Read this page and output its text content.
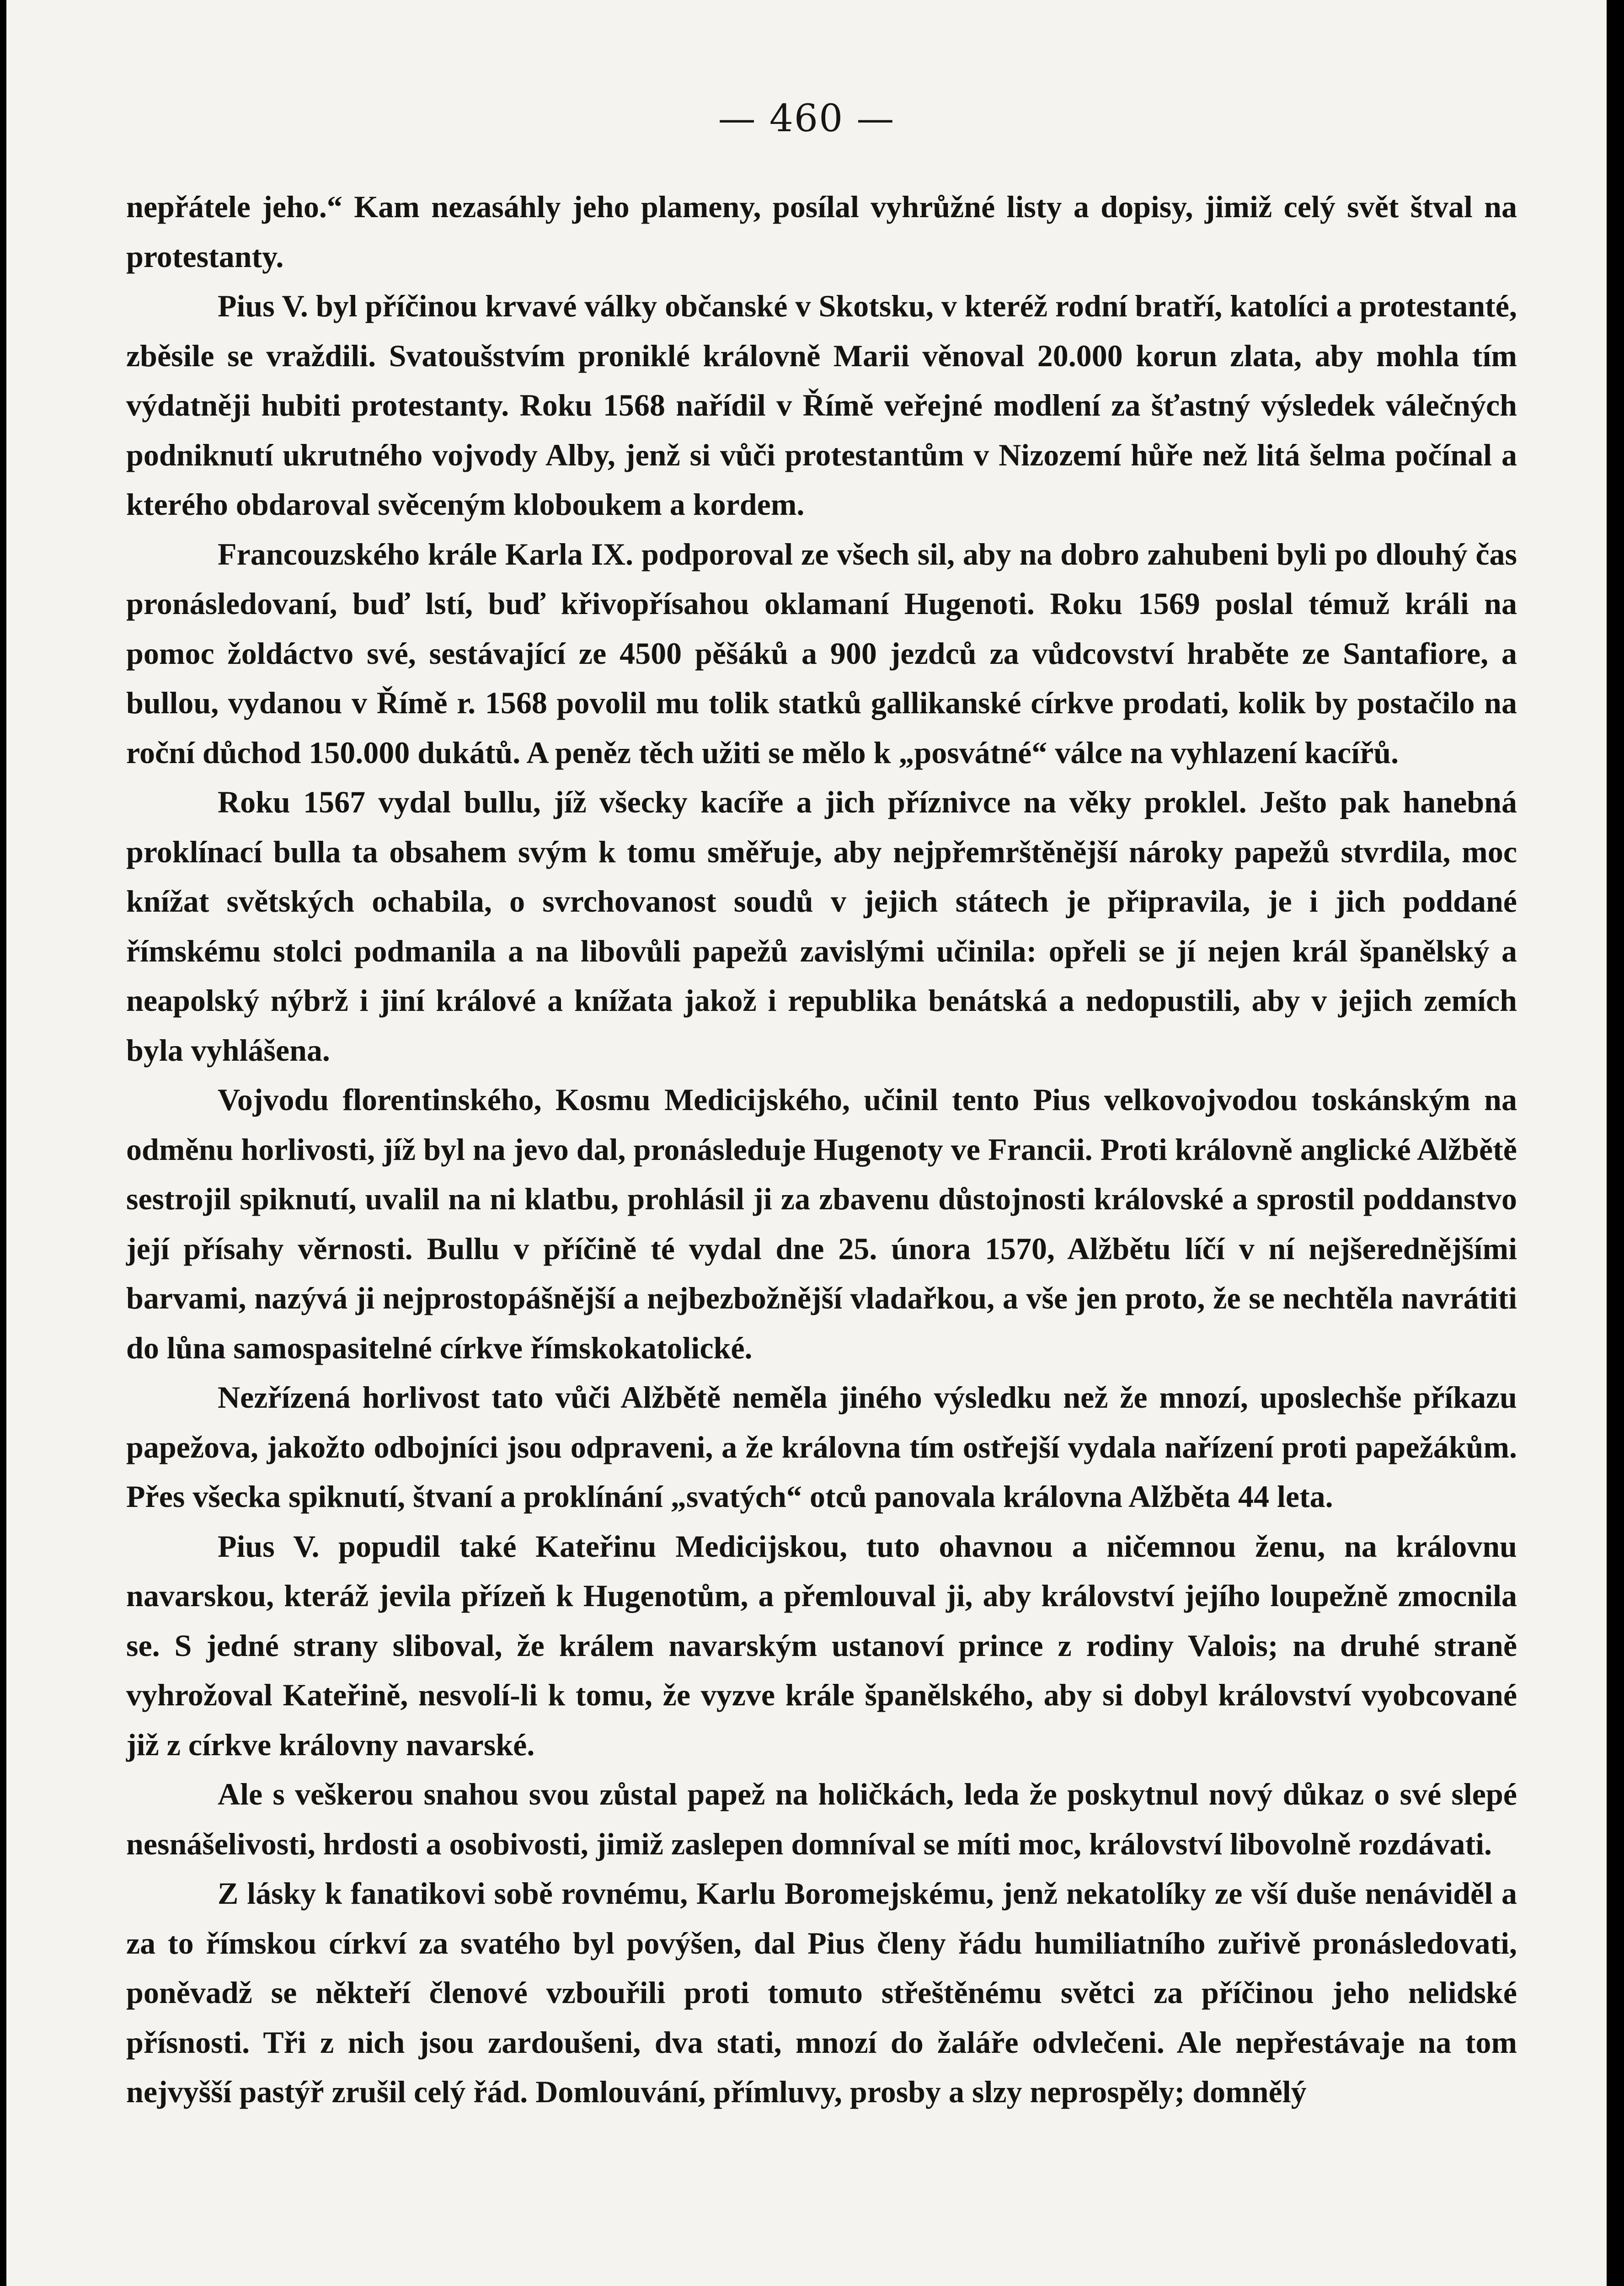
— 460 —

nepřátele jeho.“ Kam nezasáhly jeho plameny, posílal vyhrůžné listy a dopisy, jimiž celý svět štval na protestanty.

Pius V. byl příčinou krvavé války občanské v Skotsku, v kteréž rodní bratří, katolíci a protestanté, zběsile se vraždili. Svatoušstvím proniklé královně Marii věnoval 20.000 korun zlata, aby mohla tím výdatněji hubiti protestanty. Roku 1568 nařídil v Římě veřejné modlení za šťastný výsledek válečných podniknutí ukrutného vojvody Alby, jenž si vůči protestantům v Nizozemí hůře než litá šelma počínal a kterého obdaroval svěceným kloboukem a kordem.

Francouzského krále Karla IX. podporoval ze všech sil, aby na dobro zahubeni byli po dlouhý čas pronásledovaní, buď lstí, buď křivopřísahou oklamaní Hugenoti. Roku 1569 poslal témuž králi na pomoc žoldáctvo své, sestávající ze 4500 pěšáků a 900 jezdců za vůdcovství hraběte ze Santafiore, a bullou, vydanou v Římě r. 1568 povolil mu tolik statků gallikanské církve prodati, kolik by postačilo na roční důchod 150.000 dukátů. A peněz těch užiti se mělo k „posvátné“ válce na vyhlazení kacířů.

Roku 1567 vydal bullu, jíž všecky kacíře a jich příznivce na věky proklel. Ješto pak hanebná proklínací bulla ta obsahem svým k tomu směřuje, aby nejpřemrštěnější nároky papežů stvrdila, moc knížat světských ochabila, o svrchovanost soudů v jejich státech je připravila, je i jich poddané římskému stolci podmanila a na libovůli papežů zavislými učinila: opřeli se jí nejen král španělský a neapolský nýbrž i jiní králové a knížata jakož i republika benátská a nedopustili, aby v jejich zemích byla vyhlášena.

Vojvodu florentinského, Kosmu Medicijského, učinil tento Pius velkovojvodou toskánským na odměnu horlivosti, jíž byl na jevo dal, pronásleduje Hugenoty ve Francii. Proti královně anglické Alžbětě sestrojil spiknutí, uvalil na ni klatbu, prohlásil ji za zbavenu důstojnosti královské a sprostil poddanstvo její přísahy věrnosti. Bullu v příčině té vydal dne 25. února 1570, Alžbětu líčí v ní nejšerednějšími barvami, nazývá ji nejprostopášnější a nejbezbožnější vladařkou, a vše jen proto, že se nechtěla navrátiti do lůna samospasitelné církve římskokatolické.

Nezřízená horlivost tato vůči Alžbětě neměla jiného výsledku než že mnozí, uposlechše příkazu papežova, jakožto odbojníci jsou odpraveni, a že královna tím ostřejší vydala nařízení proti papežákům. Přes všecka spiknutí, štvaní a proklínání „svatých“ otců panovala královna Alžběta 44 leta.

Pius V. popudil také Kateřinu Medicijskou, tuto ohavnou a ničemnou ženu, na královnu navarskou, kteráž jevila přízeň k Hugenotům, a přemlouval ji, aby království jejího loupežně zmocnila se. S jedné strany sliboval, že králem navarským ustanoví prince z rodiny Valois; na druhé straně vyhrožoval Kateřině, nesvolí-li k tomu, že vyzve krále španělského, aby si dobyl království vyobcované již z církve královny navarské.

Ale s veškerou snahou svou zůstal papež na holičkách, leda že poskytnul nový důkaz o své slepé nesnášelivosti, hrdosti a osobivosti, jimiž zaslepen domníval se míti moc, království libovolně rozdávati.

Z lásky k fanatikovi sobě rovnému, Karlu Boromejskému, jenž nekatolíky ze vší duše nenáviděl a za to římskou církví za svatého byl povýšen, dal Pius členy řádu humiliatního zuřivě pronásledovati, poněvadž se někteří členové vzbouřili proti tomuto střeštěnému světci za příčinou jeho nelidské přísnosti. Tři z nich jsou zardoušeni, dva stati, mnozí do žaláře odvlečeni. Ale nepřestávaje na tom nejvyšší pastýř zrušil celý řád. Domlouvání, přímluvy, prosby a slzy neprospěly; domnělý
